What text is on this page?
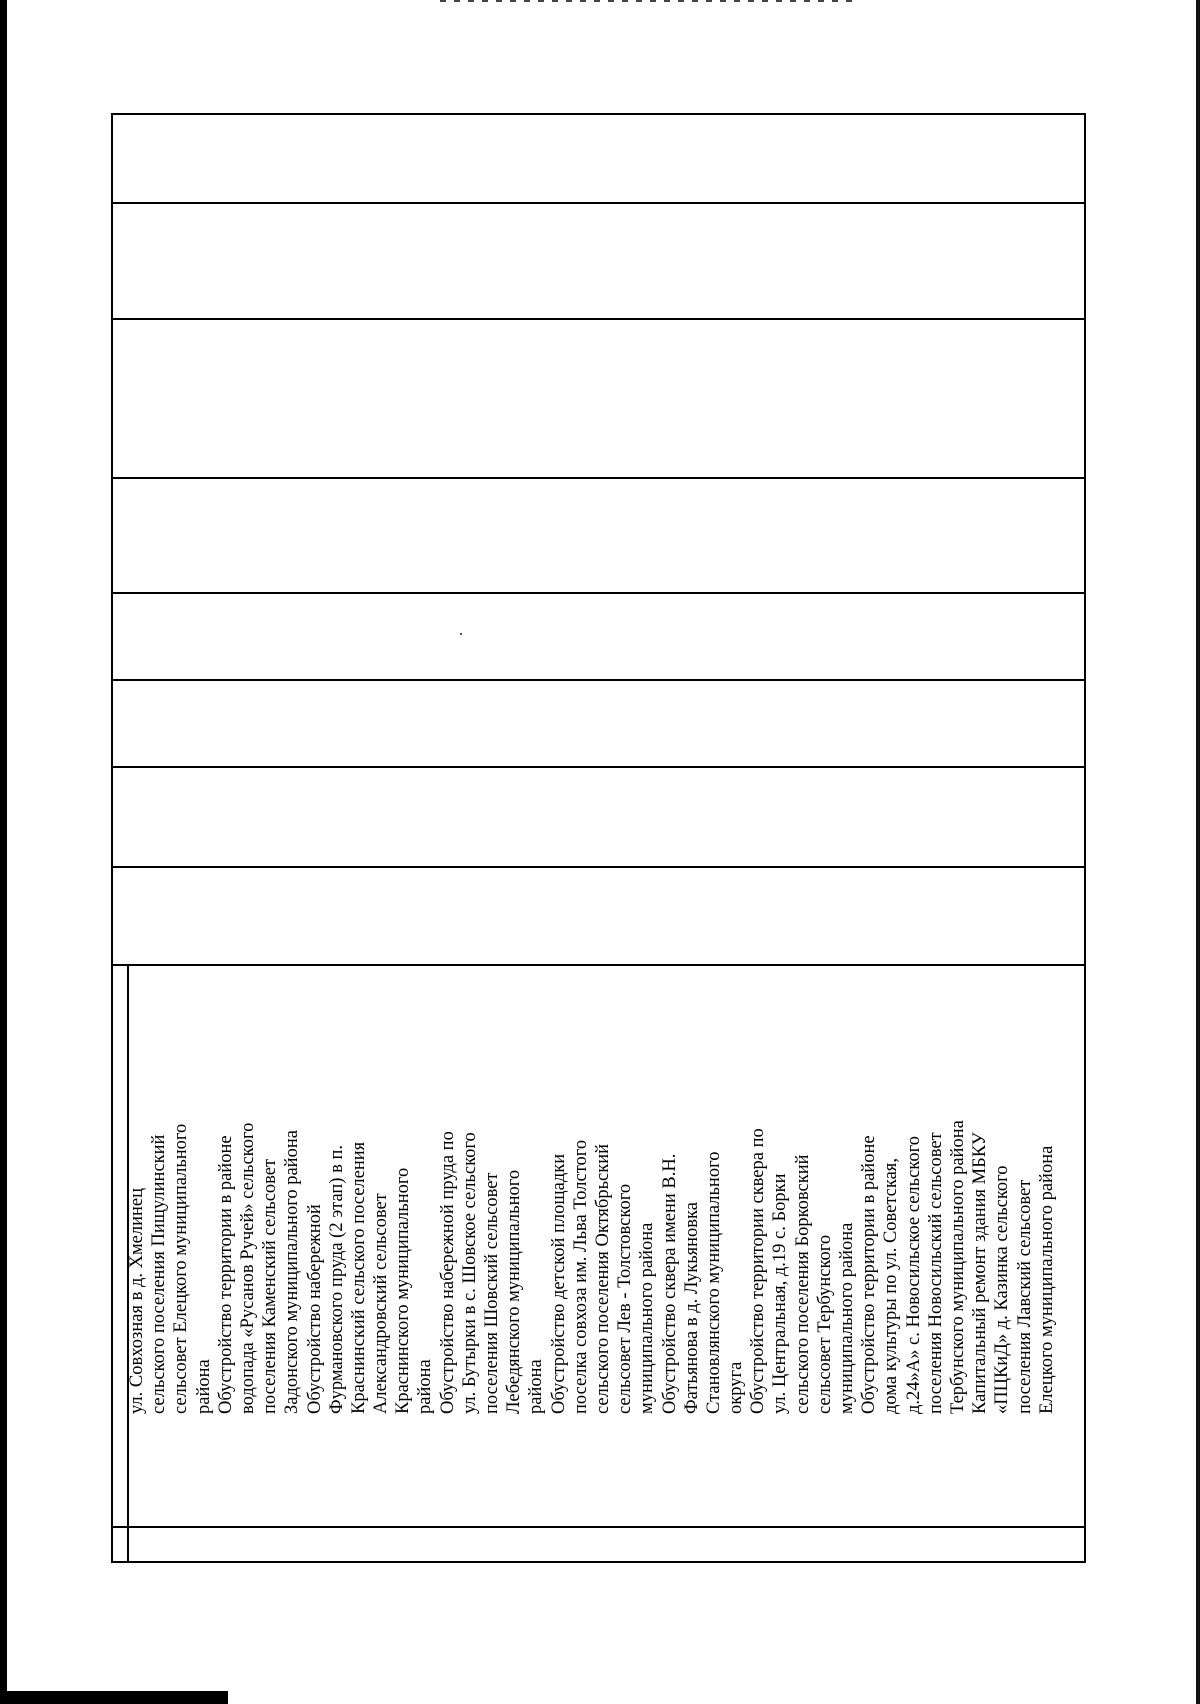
ул. Совхозная в д. Хмелинец сельского поселения Пищулинский сельсовет Елецкого муниципального района Обустройство территории в районе водопада «Русанов Ручей» сельского поселения Каменский сельсовет Задонского муниципального района Обустройство набережной Фурмановского пруда (2 этап) в п. Краснинский сельского поселения Александровский сельсовет Краснинского муниципального района Обустройство набережной пруда по ул. Бутырки в с. Шовское сельского поселения Шовский сельсовет Лебедянского муниципального района Обустройство детской площадки поселка совхоза им. Льва Толстого сельского поселения Октябрьский сельсовет Лев - Толстовского муниципального района Обустройство сквера имени В.Н. Фатьянова в д. Лукьяновка Становлянского муниципального округа Обустройство территории сквера по ул. Центральная, д.19 с. Борки сельского поселения Борковский сельсовет Тербунского муниципального района Обустройство территории в районе дома культуры по ул. Советская, д.24»А» с. Новосильское сельского поселения Новосильский сельсовет Тербунского муниципального района Капитальный ремонт здания МБКУ «ПЦКиД» д. Казинка сельского поселения Лавский сельсовет Елецкого муниципального района
